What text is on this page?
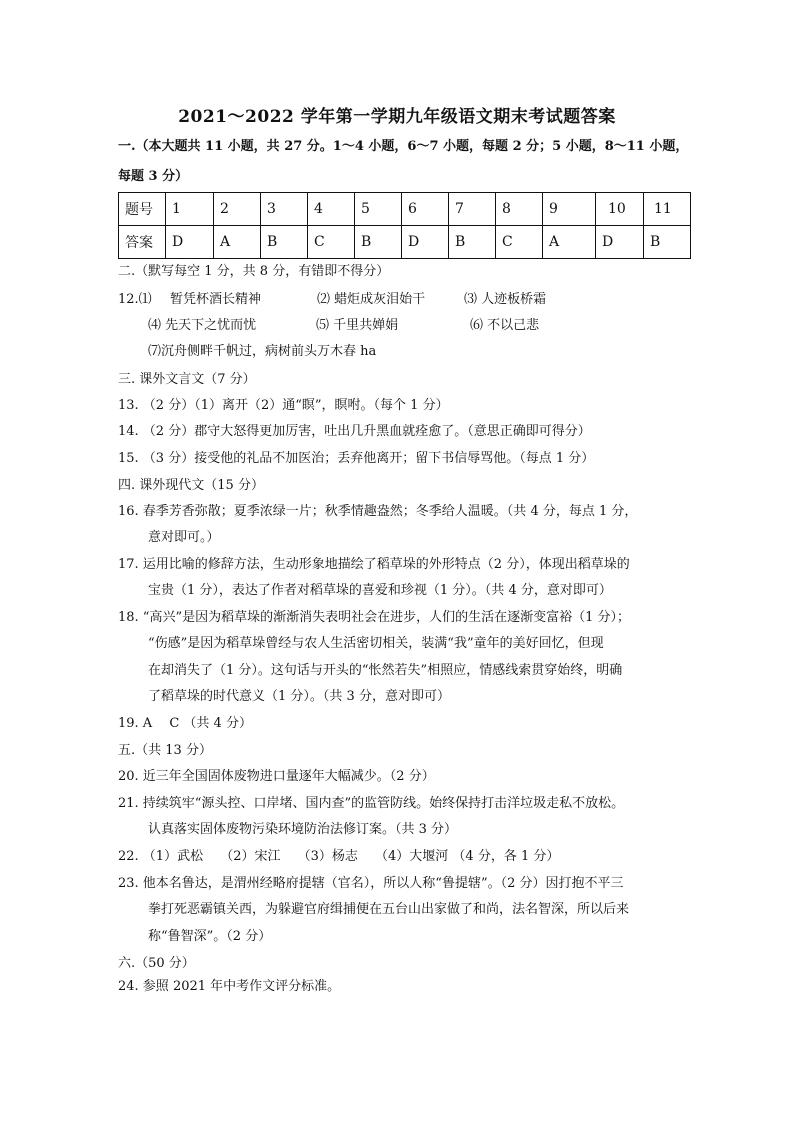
2021～2022 学年第一学期九年级语文期末考试题答案
一.（本大题共 11 小题，共 27 分。1～4 小题，6～7 小题，每题 2 分；5 小题，8～11 小题，
每题 3 分）
题号	1	2	3	4	5	6	7	8	9	10	11
答案	D	A	B	C	B	D	B	C	A	D	B
二.（默写每空 1 分，共 8 分，有错即不得分）
12.⑴ 暂凭杯酒长精神	⑵ 蜡炬成灰泪始干	⑶ 人迹板桥霜
⑷ 先天下之忧而忧	⑸ 千里共婵娟	⑹ 不以己悲
⑺沉舟侧畔千帆过，病树前头万木春 ha
三. 课外文言文（7 分）
13. （2 分）（1）离开（2）通“瞑”，瞑咐。（每个 1 分）
14. （2 分）郡守大怒得更加厉害，吐出几升黑血就痊愈了。（意思正确即可得分）
15. （3 分）接受他的礼品不加医治；丢弃他离开；留下书信辱骂他。（每点 1 分）
四. 课外现代文（15 分）
16. 春季芳香弥散；夏季浓绿一片；秋季情趣盎然；冬季给人温暖。（共 4 分，每点 1 分，
意对即可。）
17. 运用比喻的修辞方法，生动形象地描绘了稻草垛的外形特点（2 分），体现出稻草垛的
宝贵（1 分），表达了作者对稻草垛的喜爱和珍视（1 分）。（共 4 分，意对即可）
18. “高兴”是因为稻草垛的渐渐消失表明社会在进步，人们的生活在逐渐变富裕（1 分）；
“伤感”是因为稻草垛曾经与农人生活密切相关，装满“我”童年的美好回忆，但现
在却消失了（1 分）。这句话与开头的“怅然若失”相照应，情感线索贯穿始终，明确
了稻草垛的时代意义（1 分）。（共 3 分，意对即可）
19. A　 C （共 4 分）
五.（共 13 分）
20. 近三年全国固体废物进口量逐年大幅减少。（2 分）
21. 持续筑牢“源头控、口岸堵、国内查”的监管防线。始终保持打击洋垃圾走私不放松。
认真落实固体废物污染环境防治法修订案。（共 3 分）
22. （1）武松　 （2）宋江　 （3）杨志　 （4）大堰河 （4 分，各 1 分）
23. 他本名鲁达，是渭州经略府提辖（官名），所以人称“鲁提辖”。（2 分）因打抱不平三
拳打死恶霸镇关西，为躲避官府缉捕便在五台山出家做了和尚，法名智深，所以后来
称“鲁智深”。（2 分）
六.（50 分）
24. 参照 2021 年中考作文评分标准。
